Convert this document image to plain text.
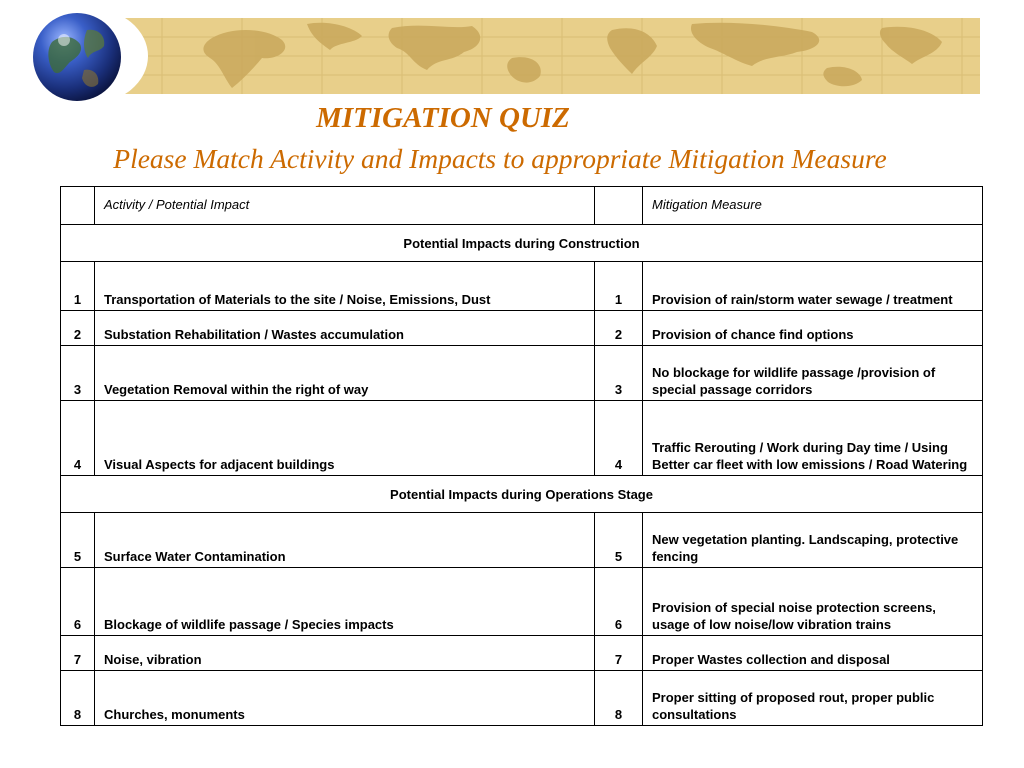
MITIGATION QUIZ
Please Match Activity and Impacts to appropriate Mitigation Measure
	Activity / Potential Impact		Mitigation Measure
Potential Impacts during Construction			
1	Transportation of Materials to the site / Noise, Emissions, Dust	1	Provision of rain/storm water sewage / treatment
2	Substation Rehabilitation / Wastes accumulation	2	Provision of chance find options
3	Vegetation Removal within the right of way	3	No blockage for wildlife passage /provision of special passage corridors
4	Visual Aspects for adjacent buildings	4	Traffic Rerouting / Work during Day time / Using Better car fleet with low emissions / Road Watering
Potential Impacts during Operations Stage			
5	Surface Water Contamination	5	New vegetation planting. Landscaping, protective fencing
6	Blockage of wildlife passage / Species impacts	6	Provision of special noise protection screens, usage of low noise/low vibration trains
7	Noise, vibration	7	Proper Wastes collection and disposal
8	Churches, monuments	8	Proper sitting of proposed rout, proper public consultations
